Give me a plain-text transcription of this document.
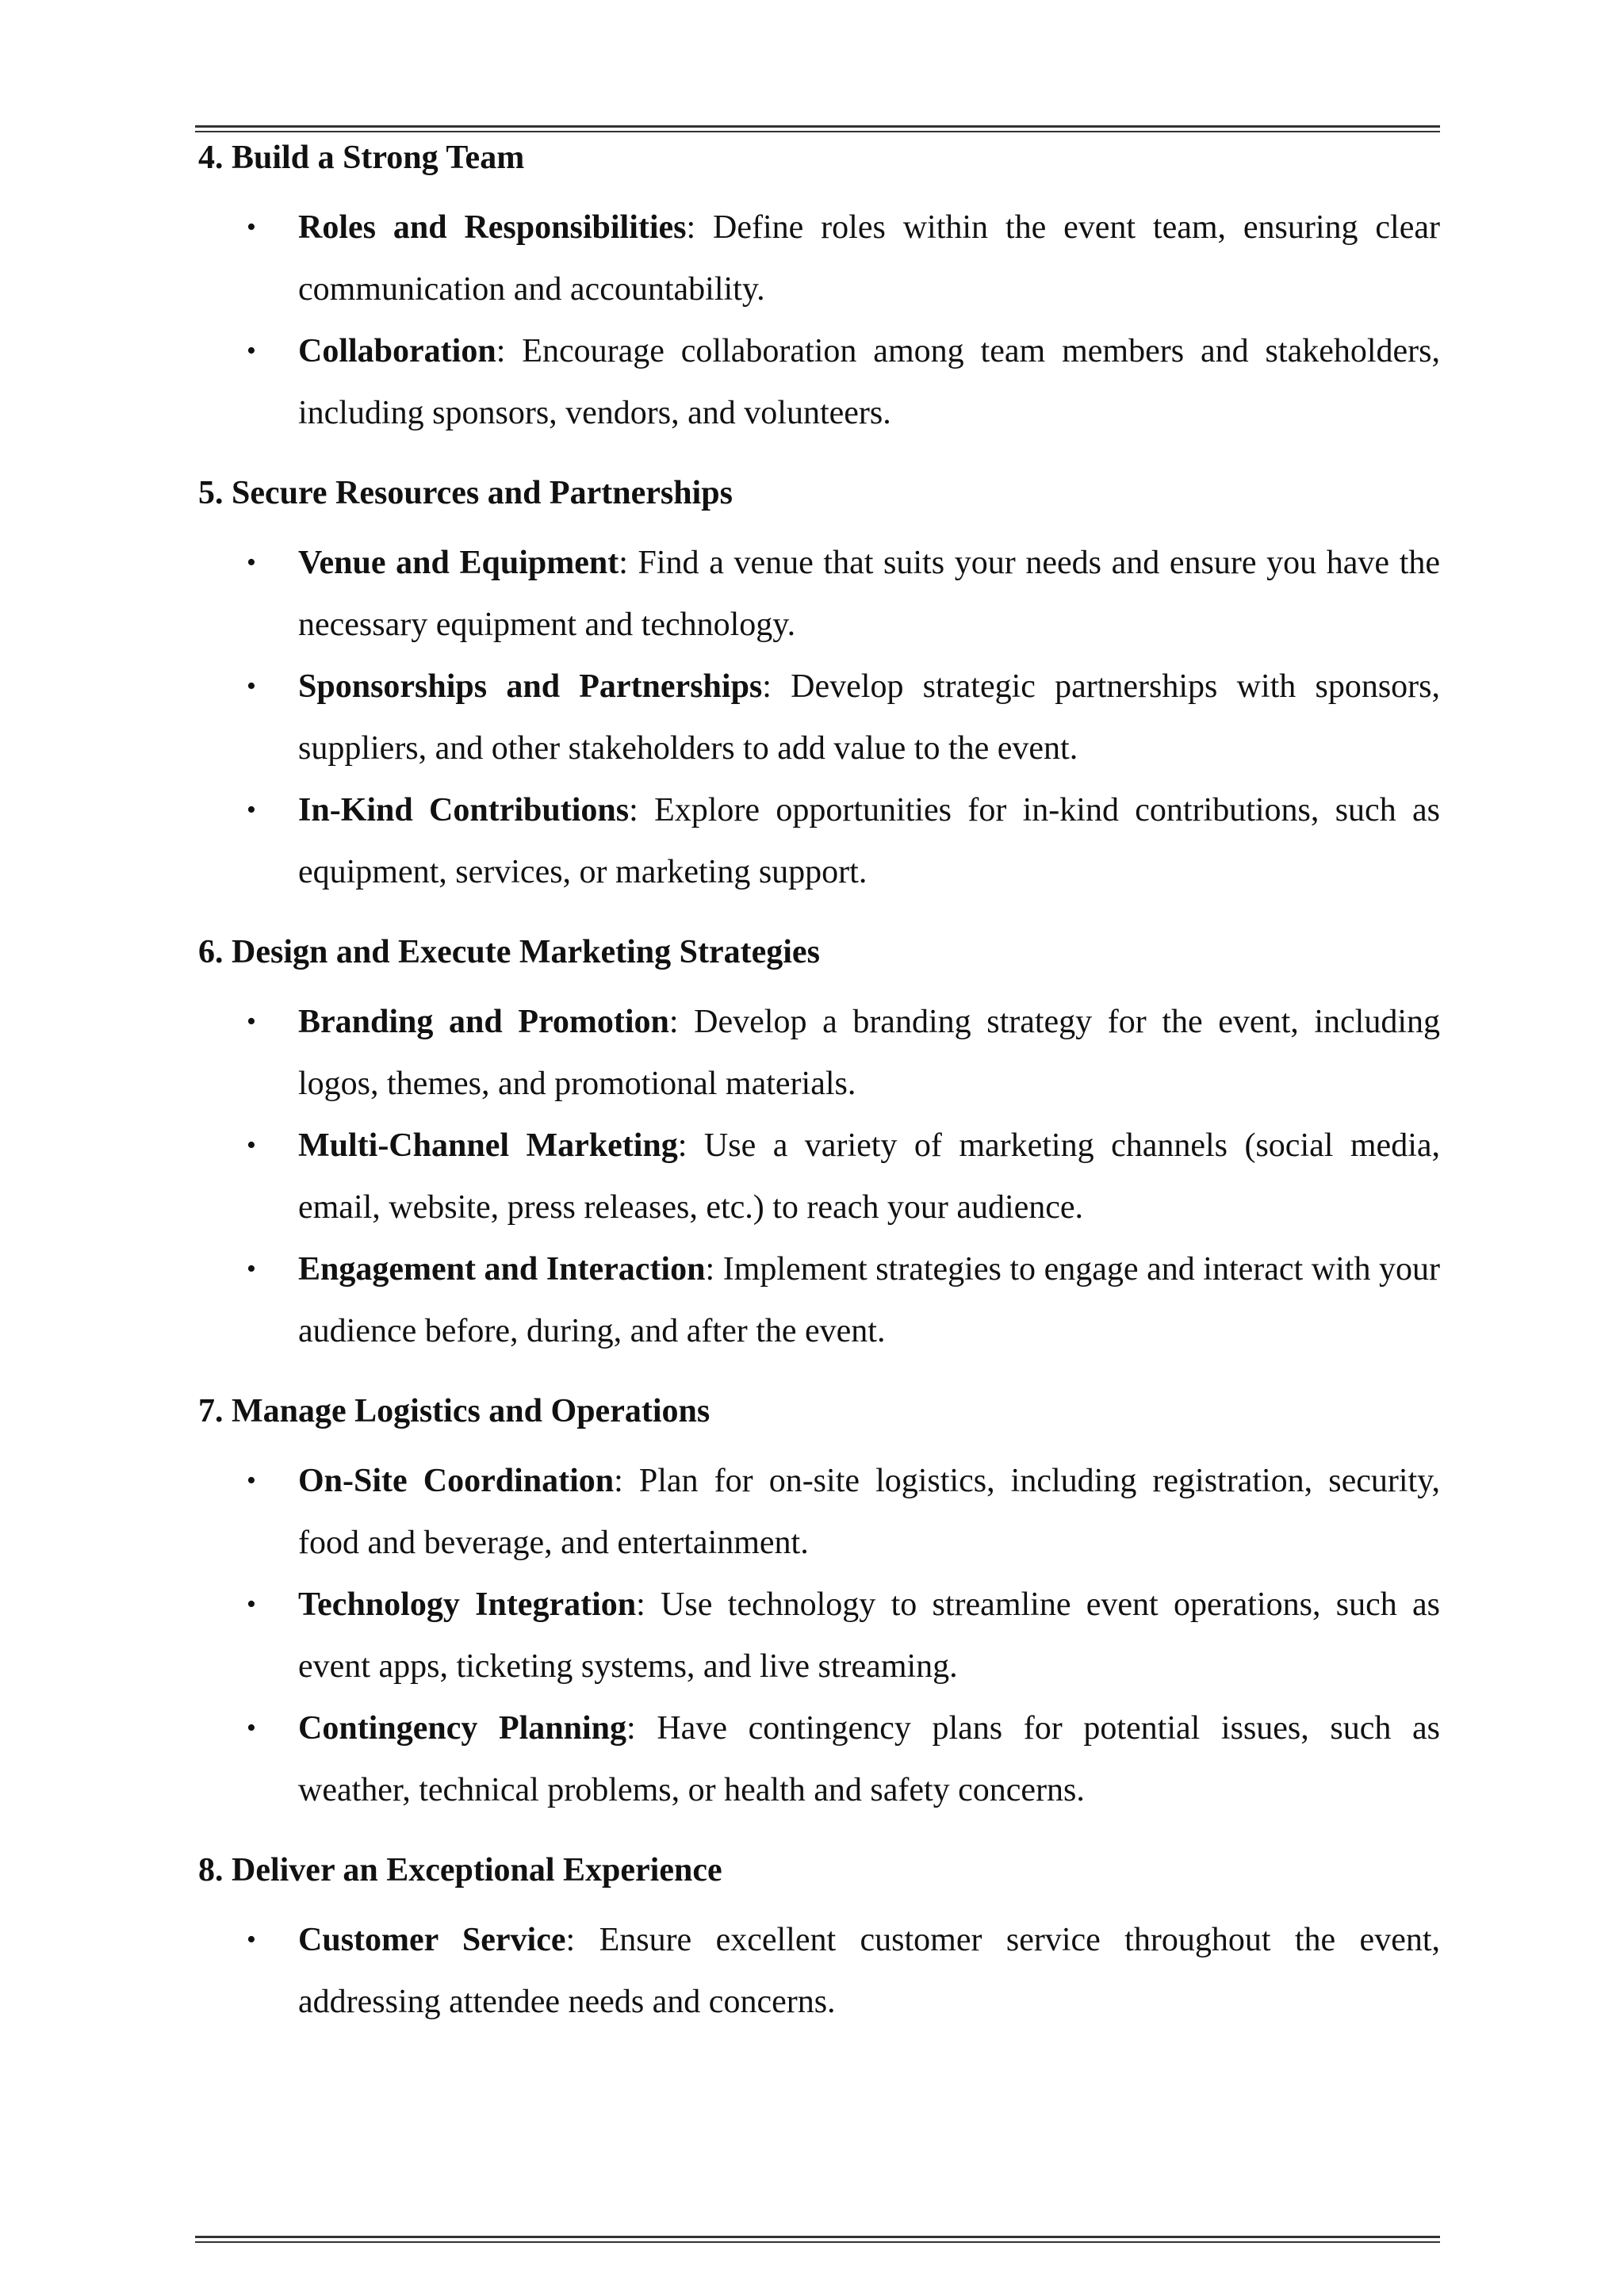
4. Build a Strong Team
• Roles and Responsibilities: Define roles within the event team, ensuring clear communication and accountability.
• Collaboration: Encourage collaboration among team members and stakeholders, including sponsors, vendors, and volunteers.
5. Secure Resources and Partnerships
• Venue and Equipment: Find a venue that suits your needs and ensure you have the necessary equipment and technology.
• Sponsorships and Partnerships: Develop strategic partnerships with sponsors, suppliers, and other stakeholders to add value to the event.
• In-Kind Contributions: Explore opportunities for in-kind contributions, such as equipment, services, or marketing support.
6. Design and Execute Marketing Strategies
• Branding and Promotion: Develop a branding strategy for the event, including logos, themes, and promotional materials.
• Multi-Channel Marketing: Use a variety of marketing channels (social media, email, website, press releases, etc.) to reach your audience.
• Engagement and Interaction: Implement strategies to engage and interact with your audience before, during, and after the event.
7. Manage Logistics and Operations
• On-Site Coordination: Plan for on-site logistics, including registration, security, food and beverage, and entertainment.
• Technology Integration: Use technology to streamline event operations, such as event apps, ticketing systems, and live streaming.
• Contingency Planning: Have contingency plans for potential issues, such as weather, technical problems, or health and safety concerns.
8. Deliver an Exceptional Experience
• Customer Service: Ensure excellent customer service throughout the event, addressing attendee needs and concerns.
